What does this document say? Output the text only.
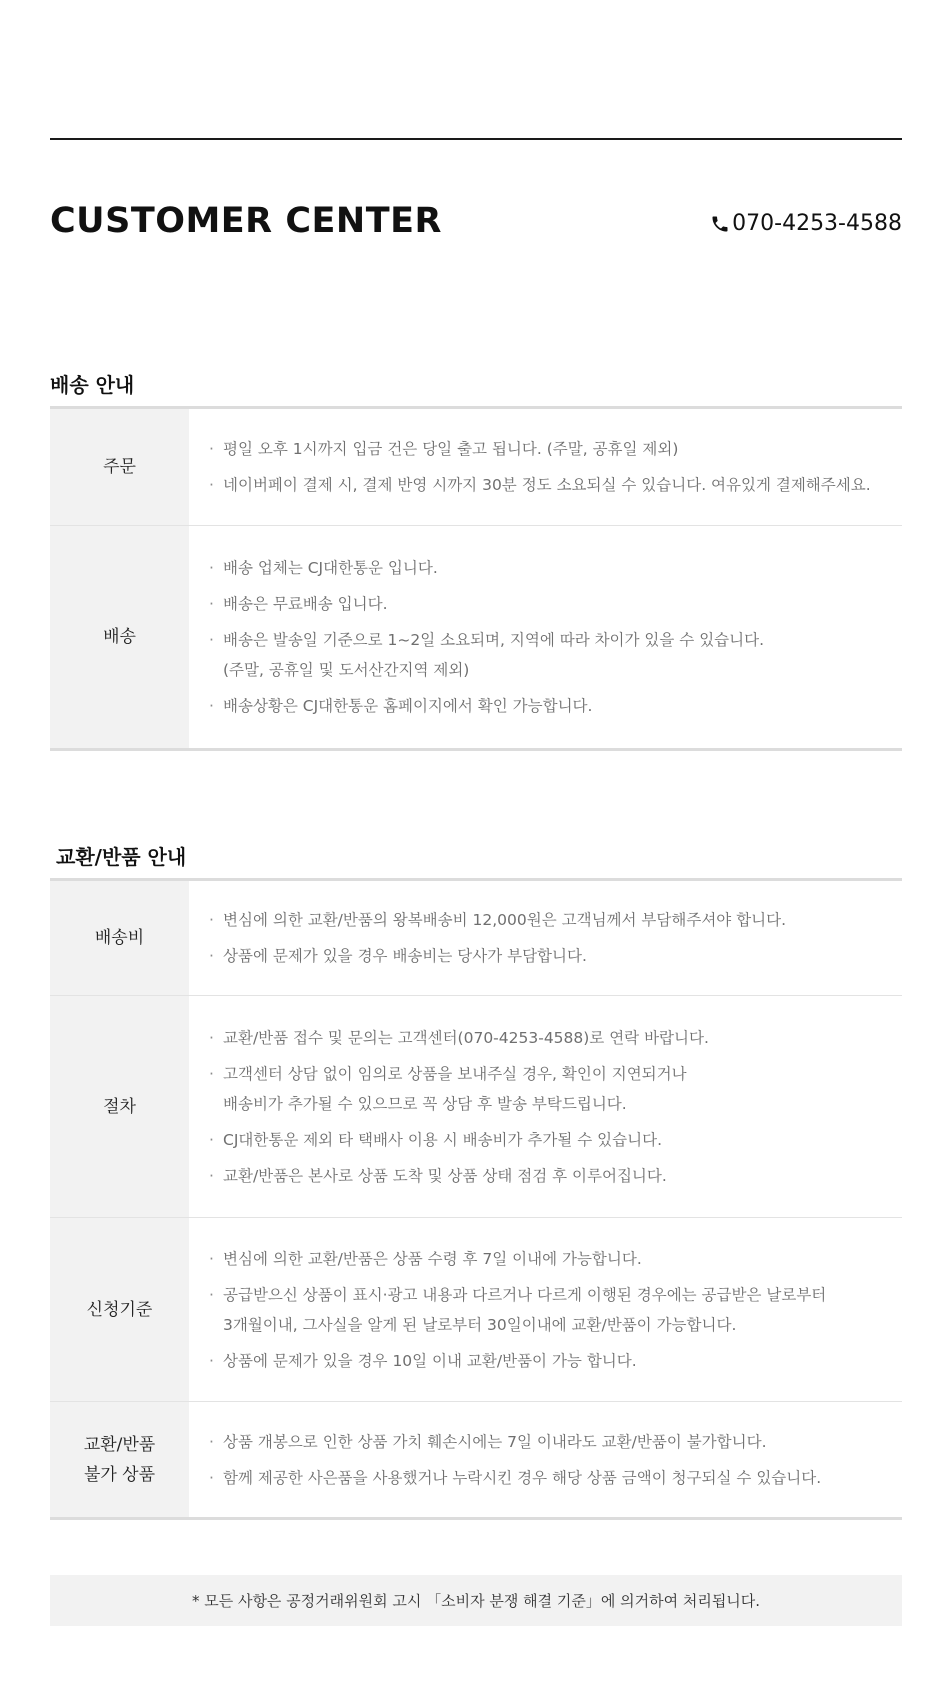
CUSTOMER CENTER	070-4253-4588
배송 안내
주문
· 평일 오후 1시까지 입금 건은 당일 출고 됩니다. (주말, 공휴일 제외)
· 네이버페이 결제 시, 결제 반영 시까지 30분 정도 소요되실 수 있습니다. 여유있게 결제해주세요.
배송
· 배송 업체는 CJ대한통운 입니다.
· 배송은 무료배송 입니다.
· 배송은 발송일 기준으로 1~2일 소요되며, 지역에 따라 차이가 있을 수 있습니다.
(주말, 공휴일 및 도서산간지역 제외)
· 배송상황은 CJ대한통운 홈페이지에서 확인 가능합니다.
교환/반품 안내
배송비
· 변심에 의한 교환/반품의 왕복배송비 12,000원은 고객님께서 부담해주셔야 합니다.
· 상품에 문제가 있을 경우 배송비는 당사가 부담합니다.
절차
· 교환/반품 접수 및 문의는 고객센터(070-4253-4588)로 연락 바랍니다.
· 고객센터 상담 없이 임의로 상품을 보내주실 경우, 확인이 지연되거나
배송비가 추가될 수 있으므로 꼭 상담 후 발송 부탁드립니다.
· CJ대한통운 제외 타 택배사 이용 시 배송비가 추가될 수 있습니다.
· 교환/반품은 본사로 상품 도착 및 상품 상태 점검 후 이루어집니다.
신청기준
· 변심에 의한 교환/반품은 상품 수령 후 7일 이내에 가능합니다.
· 공급받으신 상품이 표시·광고 내용과 다르거나 다르게 이행된 경우에는 공급받은 날로부터
3개월이내, 그사실을 알게 된 날로부터 30일이내에 교환/반품이 가능합니다.
· 상품에 문제가 있을 경우 10일 이내 교환/반품이 가능 합니다.
교환/반품
불가 상품
· 상품 개봉으로 인한 상품 가치 훼손시에는 7일 이내라도 교환/반품이 불가합니다.
· 함께 제공한 사은품을 사용했거나 누락시킨 경우 해당 상품 금액이 청구되실 수 있습니다.
* 모든 사항은 공정거래위원회 고시 「소비자 분쟁 해결 기준」에 의거하여 처리됩니다.
